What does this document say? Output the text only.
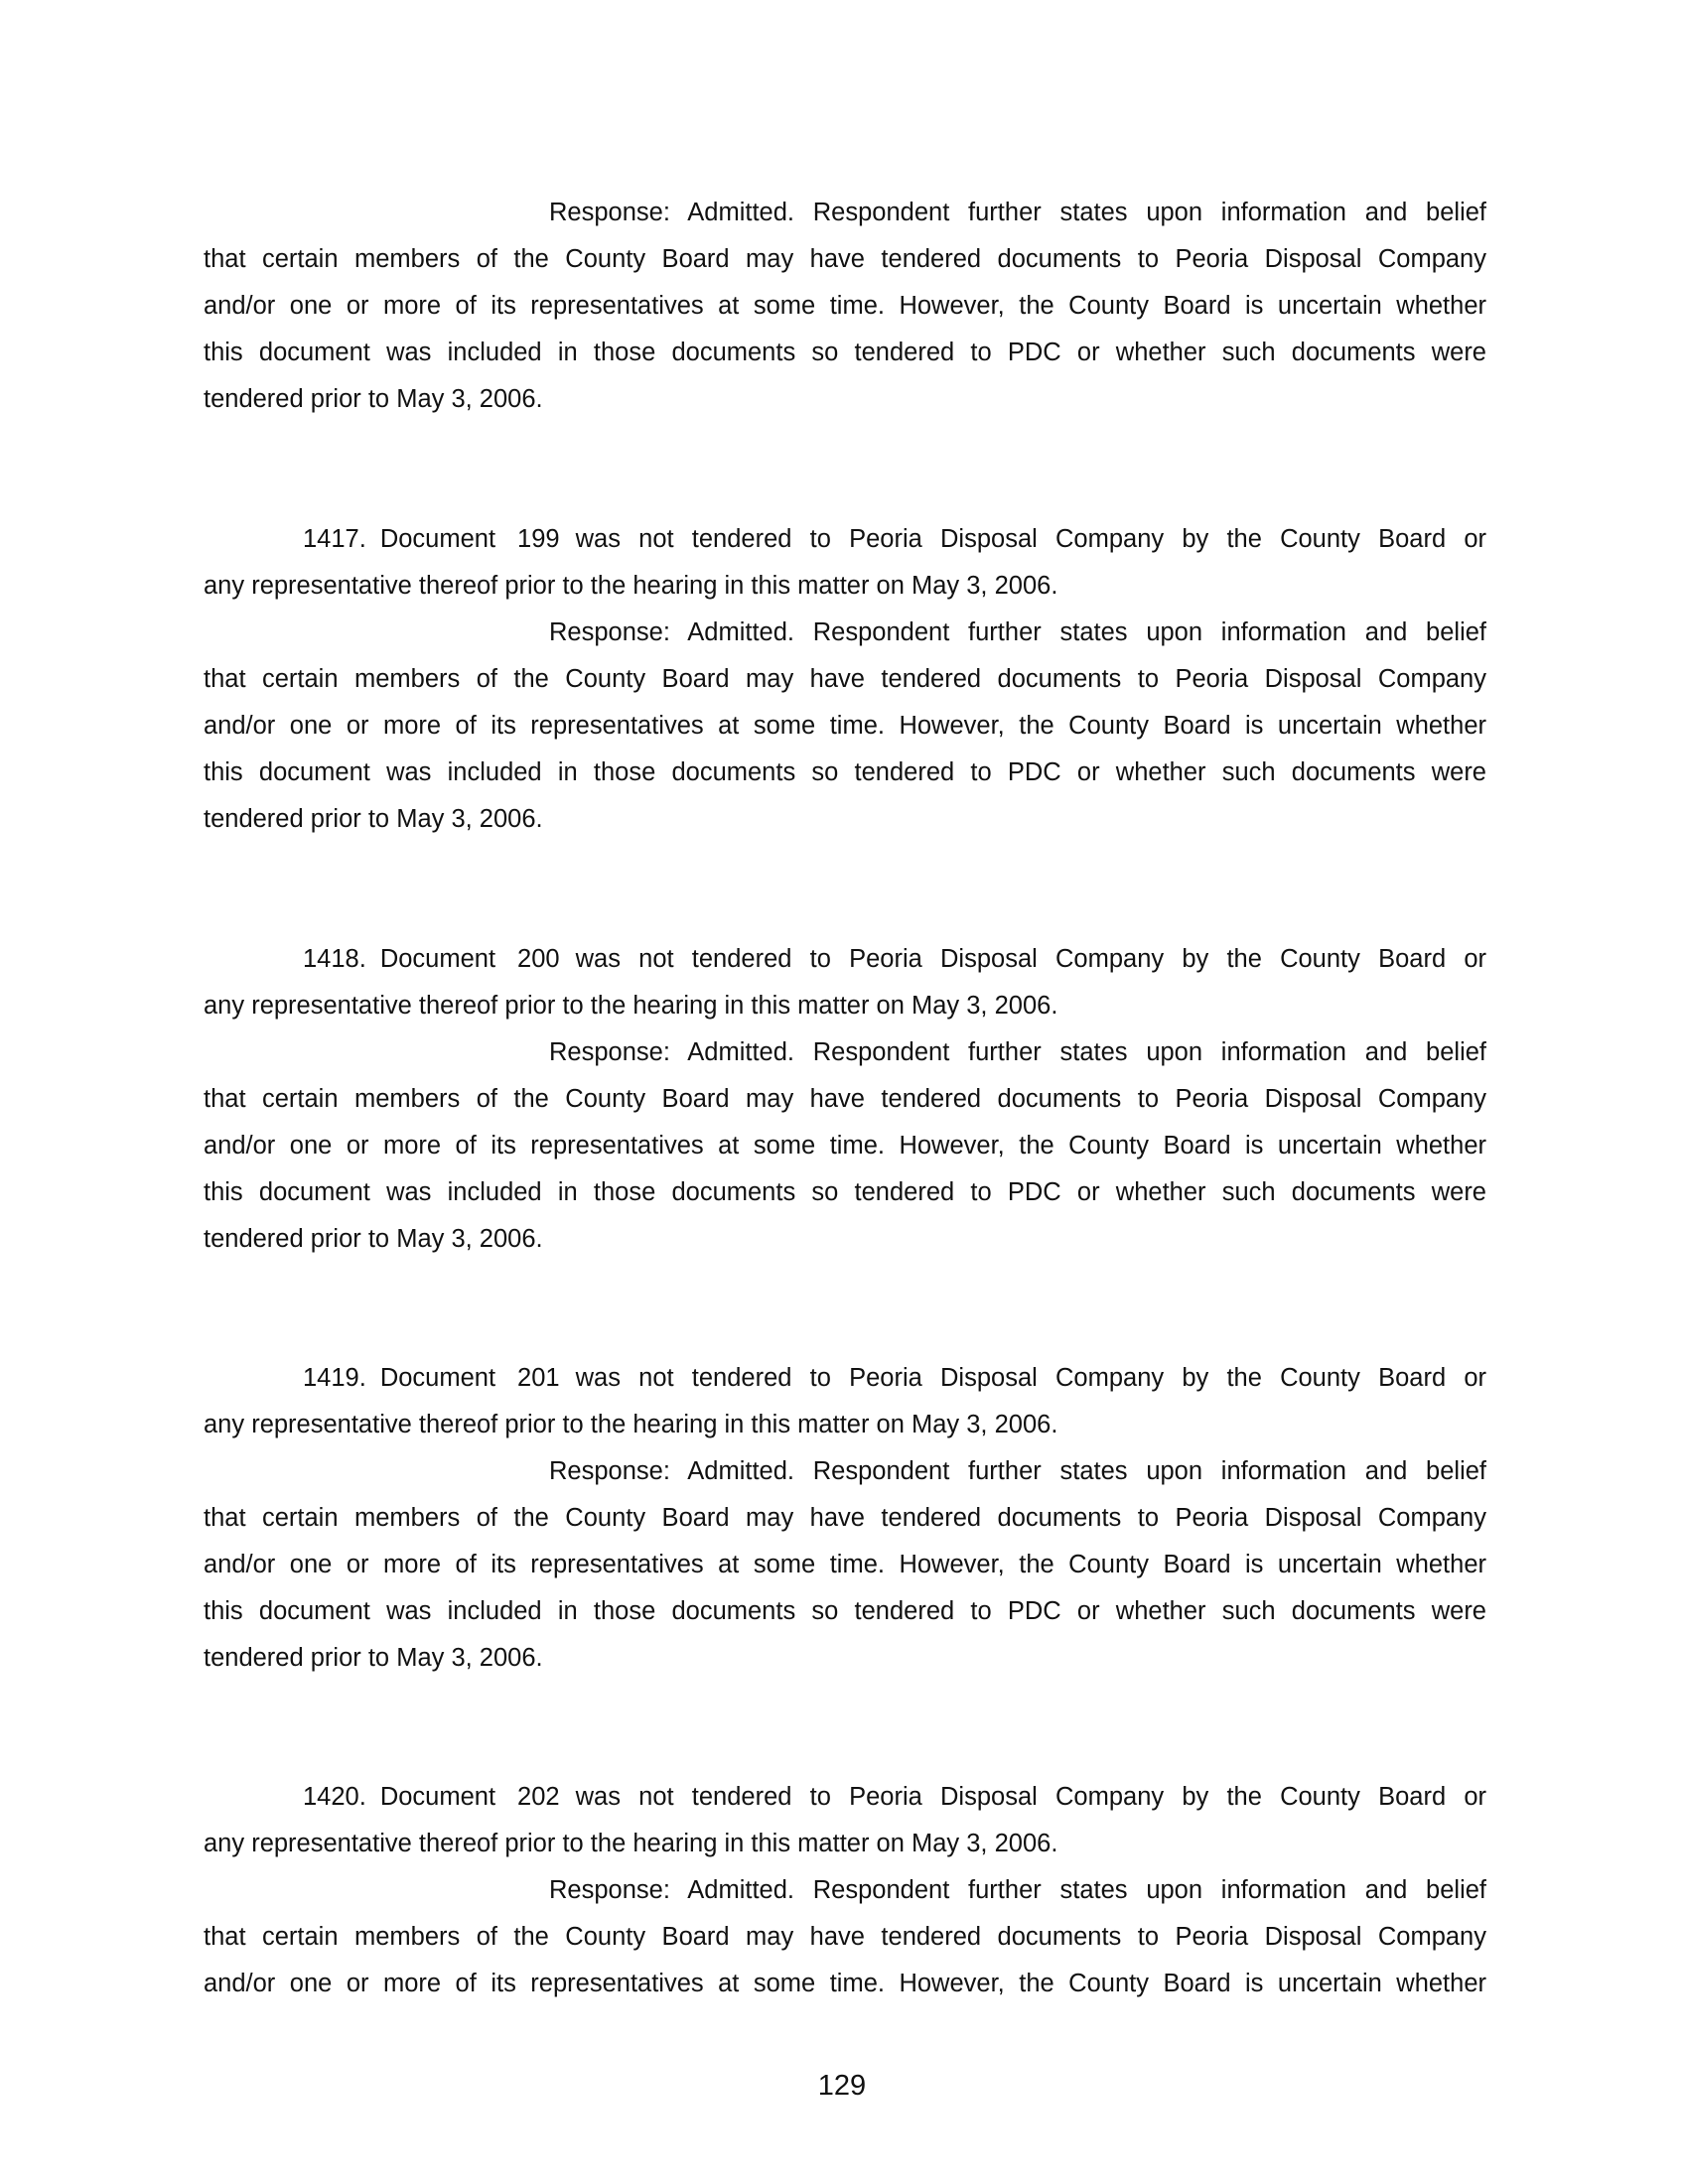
Response: Admitted. Respondent further states upon information and belief
that certain members of the County Board may have tendered documents to Peoria Disposal Company
and/or one or more of its representatives at some time. However, the County Board is uncertain whether
this document was included in those documents so tendered to PDC or whether such documents were
tendered prior to May 3, 2006.
1417. Document 199 was not tendered to Peoria Disposal Company by the County Board or
any representative thereof prior to the hearing in this matter on May 3, 2006.
Response: Admitted. Respondent further states upon information and belief
that certain members of the County Board may have tendered documents to Peoria Disposal Company
and/or one or more of its representatives at some time. However, the County Board is uncertain whether
this document was included in those documents so tendered to PDC or whether such documents were
tendered prior to May 3, 2006.
1418. Document 200 was not tendered to Peoria Disposal Company by the County Board or
any representative thereof prior to the hearing in this matter on May 3, 2006.
Response: Admitted. Respondent further states upon information and belief
that certain members of the County Board may have tendered documents to Peoria Disposal Company
and/or one or more of its representatives at some time. However, the County Board is uncertain whether
this document was included in those documents so tendered to PDC or whether such documents were
tendered prior to May 3, 2006.
1419. Document 201 was not tendered to Peoria Disposal Company by the County Board or
any representative thereof prior to the hearing in this matter on May 3, 2006.
Response: Admitted. Respondent further states upon information and belief
that certain members of the County Board may have tendered documents to Peoria Disposal Company
and/or one or more of its representatives at some time. However, the County Board is uncertain whether
this document was included in those documents so tendered to PDC or whether such documents were
tendered prior to May 3, 2006.
1420. Document 202 was not tendered to Peoria Disposal Company by the County Board or
any representative thereof prior to the hearing in this matter on May 3, 2006.
Response: Admitted. Respondent further states upon information and belief
that certain members of the County Board may have tendered documents to Peoria Disposal Company
and/or one or more of its representatives at some time. However, the County Board is uncertain whether
129
